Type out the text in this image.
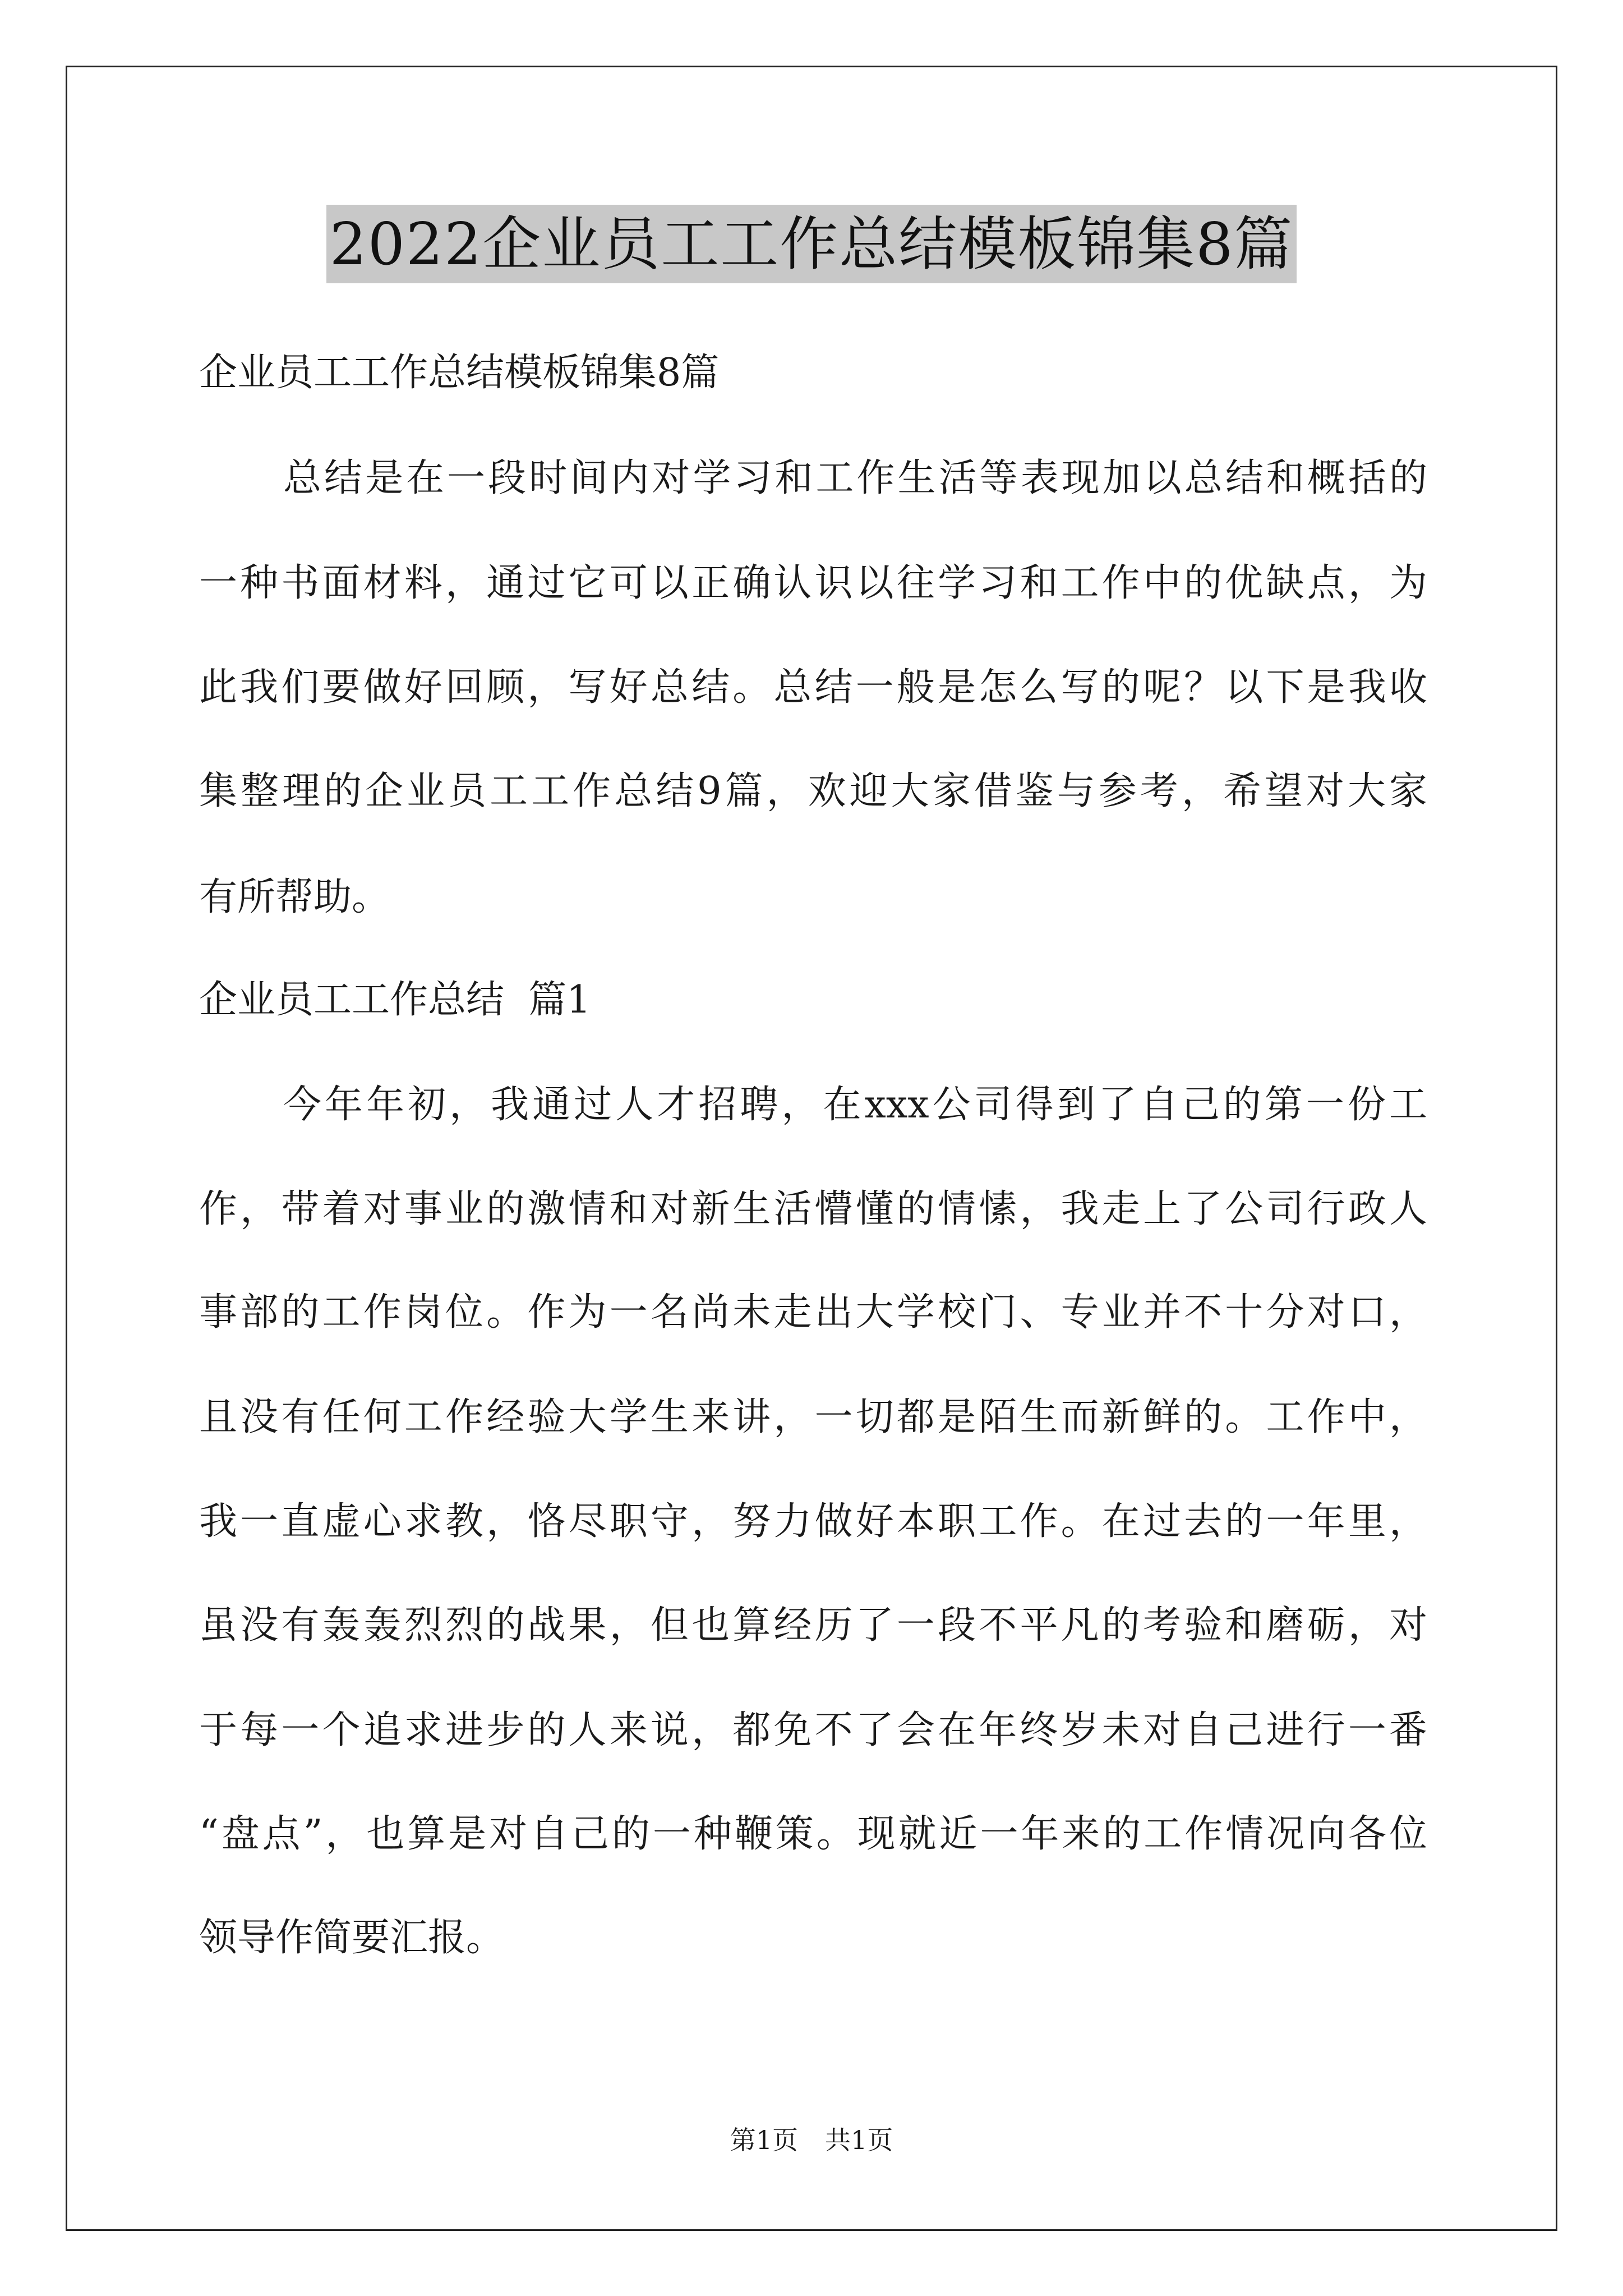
2022企业员工工作总结模板锦集8篇
企业员工工作总结模板锦集8篇
总结是在一段时间内对学习和工作生活等表现加以总结和概括的
一种书面材料，通过它可以正确认识以往学习和工作中的优缺点，为
此我们要做好回顾，写好总结。总结一般是怎么写的呢？以下是我收
集整理的企业员工工作总结9篇，欢迎大家借鉴与参考，希望对大家
有所帮助。
企业员工工作总结  篇1
今年年初，我通过人才招聘，在xxx公司得到了自己的第一份工
作，带着对事业的激情和对新生活懵懂的情愫，我走上了公司行政人
事部的工作岗位。作为一名尚未走出大学校门、专业并不十分对口，
且没有任何工作经验大学生来讲，一切都是陌生而新鲜的。工作中，
我一直虚心求教，恪尽职守，努力做好本职工作。在过去的一年里，
虽没有轰轰烈烈的战果，但也算经历了一段不平凡的考验和磨砺，对
于每一个追求进步的人来说，都免不了会在年终岁未对自己进行一番
“盘点”，也算是对自己的一种鞭策。现就近一年来的工作情况向各位
领导作简要汇报。
第1页 共1页
